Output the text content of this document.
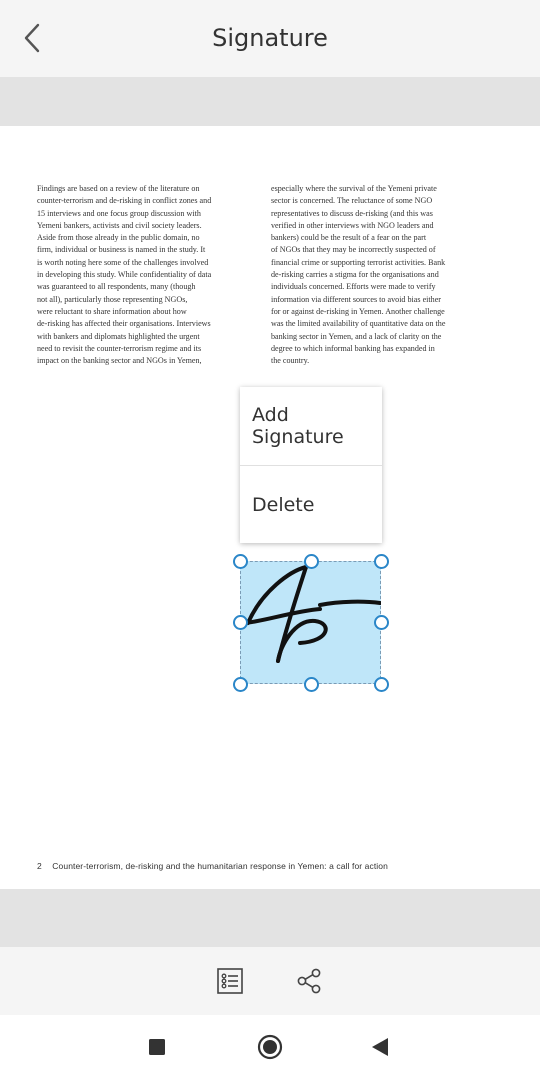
Signature
Findings are based on a review of the literature on
counter-terrorism and de-risking in conflict zones and
15 interviews and one focus group discussion with
Yemeni bankers, activists and civil society leaders.
Aside from those already in the public domain, no
firm, individual or business is named in the study. It
is worth noting here some of the challenges involved
in developing this study. While confidentiality of data
was guaranteed to all respondents, many (though
not all), particularly those representing NGOs,
were reluctant to share information about how
de-risking has affected their organisations. Interviews
with bankers and diplomats highlighted the urgent
need to revisit the counter-terrorism regime and its
impact on the banking sector and NGOs in Yemen,
especially where the survival of the Yemeni private
sector is concerned. The reluctance of some NGO
representatives to discuss de-risking (and this was
verified in other interviews with NGO leaders and
bankers) could be the result of a fear on the part
of NGOs that they may be incorrectly suspected of
financial crime or supporting terrorist activities. Bank
de-risking carries a stigma for the organisations and
individuals concerned. Efforts were made to verify
information via different sources to avoid bias either
for or against de-risking in Yemen. Another challenge
was the limited availability of quantitative data on the
banking sector in Yemen, and a lack of clarity on the
degree to which informal banking has expanded in
the country.
2 Counter-terrorism, de-risking and the humanitarian response in Yemen: a call for action
Add Signature
Delete
